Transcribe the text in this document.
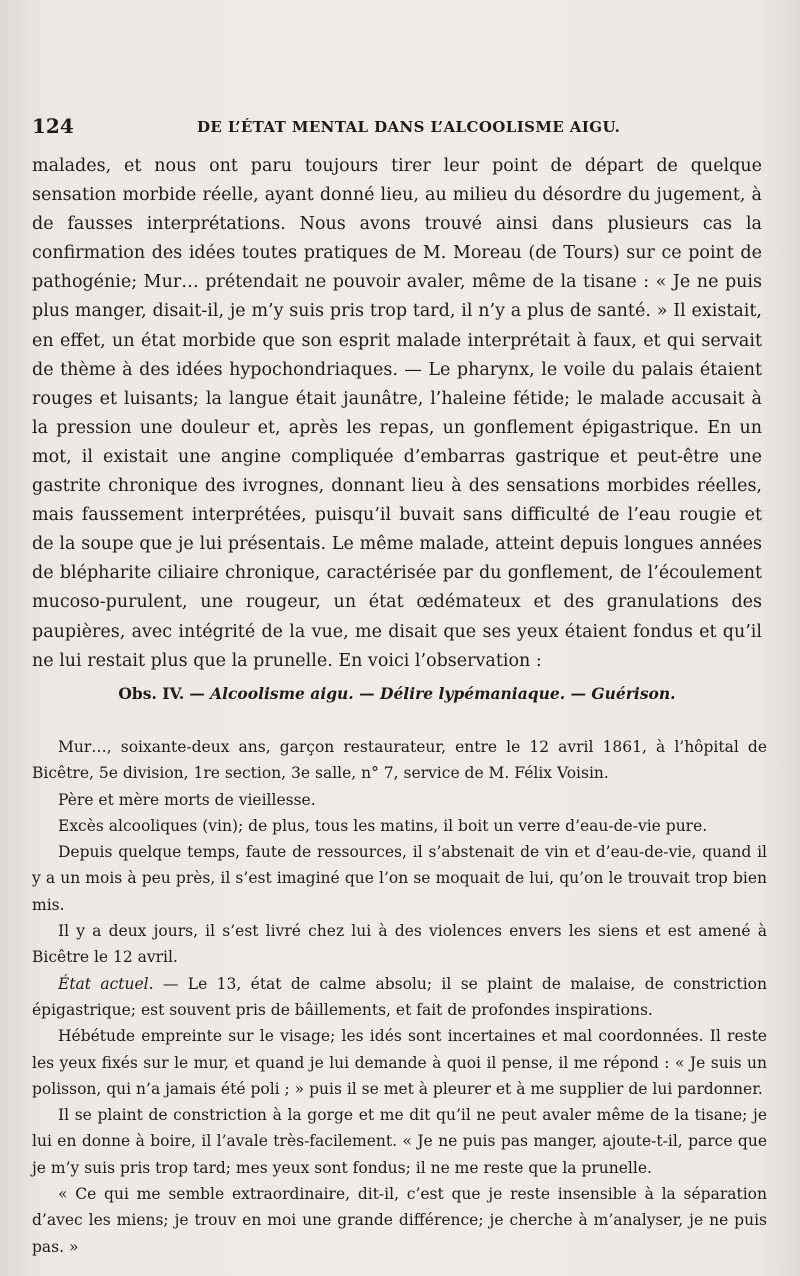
124	DE L’ÉTAT MENTAL DANS L’ALCOOLISME AIGU.

malades, et nous ont paru toujours tirer leur point de départ de quelque sensation morbide réelle, ayant donné lieu, au milieu du désordre du jugement, à de fausses interprétations. Nous avons trouvé ainsi dans plusieurs cas la confirmation des idées toutes pratiques de M. Moreau (de Tours) sur ce point de pathogénie; Mur… prétendait ne pouvoir avaler, même de la tisane : « Je ne puis plus manger, disait-il, je m’y suis pris trop tard, il n’y a plus de santé. » Il existait, en effet, un état morbide que son esprit malade interprétait à faux, et qui servait de thème à des idées hypochondriaques. — Le pharynx, le voile du palais étaient rouges et luisants; la langue était jaunâtre, l’haleine fétide; le malade accusait à la pression une douleur et, après les repas, un gonflement épigastrique. En un mot, il existait une angine compliquée d’embarras gastrique et peut-être une gastrite chronique des ivrognes, donnant lieu à des sensations morbides réelles, mais faussement interprétées, puisqu’il buvait sans difficulté de l’eau rougie et de la soupe que je lui présentais. Le même malade, atteint depuis longues années de blépharite ciliaire chronique, caractérisée par du gonflement, de l’écoulement mucoso-purulent, une rougeur, un état œdémateux et des granulations des paupières, avec intégrité de la vue, me disait que ses yeux étaient fondus et qu’il ne lui restait plus que la prunelle. En voici l’observation :

Obs. IV. — Alcoolisme aigu. — Délire lypémaniaque. — Guérison.

Mur…, soixante-deux ans, garçon restaurateur, entre le 12 avril 1861, à l’hôpital de Bicêtre, 5e division, 1re section, 3e salle, n° 7, service de M. Félix Voisin.

Père et mère morts de vieillesse.

Excès alcooliques (vin); de plus, tous les matins, il boit un verre d’eau-de-vie pure.

Depuis quelque temps, faute de ressources, il s’abstenait de vin et d’eau-de-vie, quand il y a un mois à peu près, il s’est imaginé que l’on se moquait de lui, qu’on le trouvait trop bien mis.

Il y a deux jours, il s’est livré chez lui à des violences envers les siens et est amené à Bicêtre le 12 avril.

État actuel. — Le 13, état de calme absolu; il se plaint de malaise, de constriction épigastrique; est souvent pris de bâillements, et fait de profondes inspirations.

Hébétude empreinte sur le visage; les idés sont incertaines et mal coordonnées. Il reste les yeux fixés sur le mur, et quand je lui demande à quoi il pense, il me répond : « Je suis un polisson, qui n’a jamais été poli ; » puis il se met à pleurer et à me supplier de lui pardonner.

Il se plaint de constriction à la gorge et me dit qu’il ne peut avaler même de la tisane; je lui en donne à boire, il l’avale très-facilement. « Je ne puis pas manger, ajoute-t-il, parce que je m’y suis pris trop tard; mes yeux sont fondus; il ne me reste que la prunelle.

« Ce qui me semble extraordinaire, dit-il, c’est que je reste insensible à la séparation d’avec les miens; je trouv en moi une grande différence; je cherche à m’analyser, je ne puis pas. »
